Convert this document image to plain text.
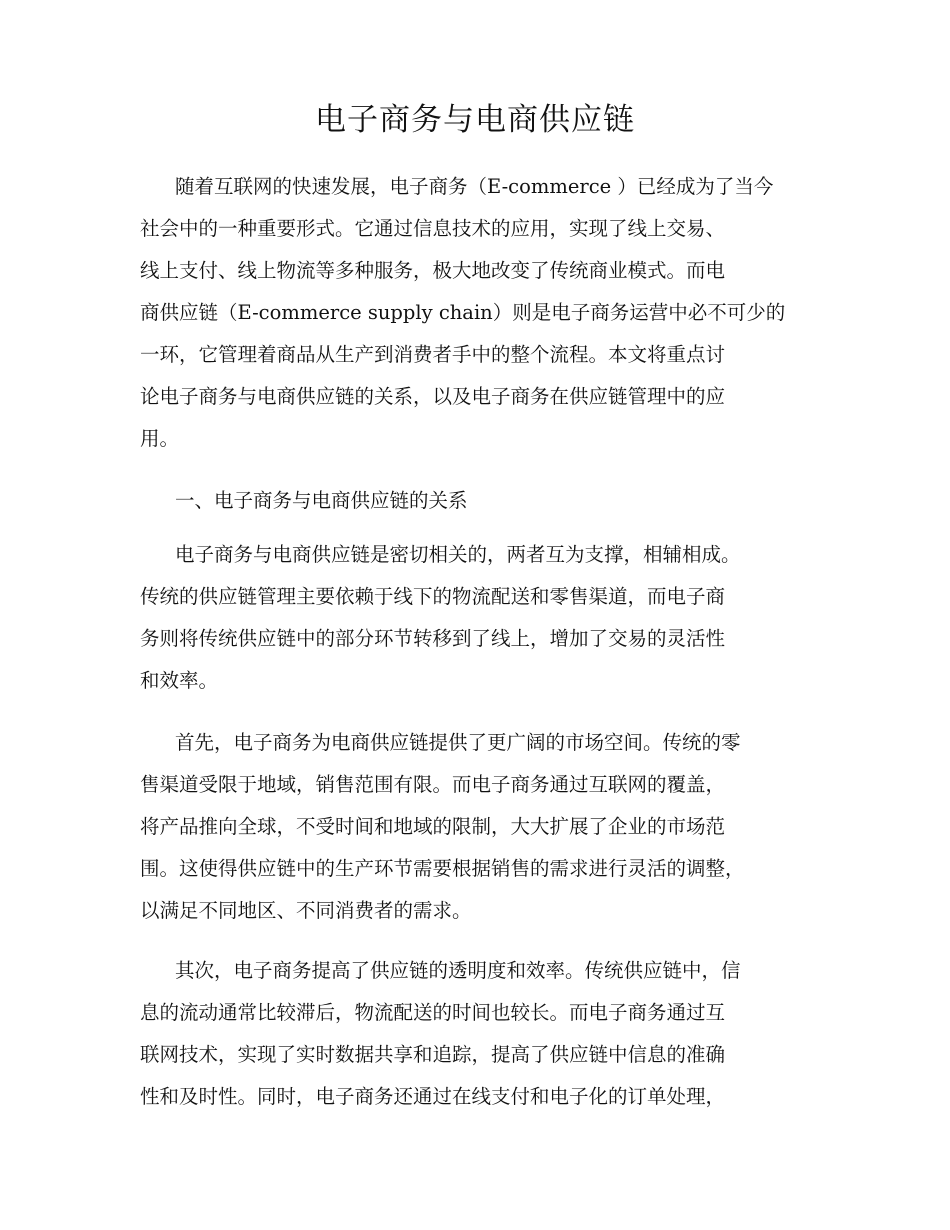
电子商务与电商供应链
随着互联网的快速发展，电子商务（E-commerce ）已经成为了当今
社会中的一种重要形式。它通过信息技术的应用，实现了线上交易、
线上支付、线上物流等多种服务，极大地改变了传统商业模式。而电
商供应链（E-commerce supply chain）则是电子商务运营中必不可少的
一环，它管理着商品从生产到消费者手中的整个流程。本文将重点讨
论电子商务与电商供应链的关系，以及电子商务在供应链管理中的应
用。
一、电子商务与电商供应链的关系
电子商务与电商供应链是密切相关的，两者互为支撑，相辅相成。
传统的供应链管理主要依赖于线下的物流配送和零售渠道，而电子商
务则将传统供应链中的部分环节转移到了线上，增加了交易的灵活性
和效率。
首先，电子商务为电商供应链提供了更广阔的市场空间。传统的零
售渠道受限于地域，销售范围有限。而电子商务通过互联网的覆盖，
将产品推向全球，不受时间和地域的限制，大大扩展了企业的市场范
围。这使得供应链中的生产环节需要根据销售的需求进行灵活的调整，
以满足不同地区、不同消费者的需求。
其次，电子商务提高了供应链的透明度和效率。传统供应链中，信
息的流动通常比较滞后，物流配送的时间也较长。而电子商务通过互
联网技术，实现了实时数据共享和追踪，提高了供应链中信息的准确
性和及时性。同时，电子商务还通过在线支付和电子化的订单处理，
